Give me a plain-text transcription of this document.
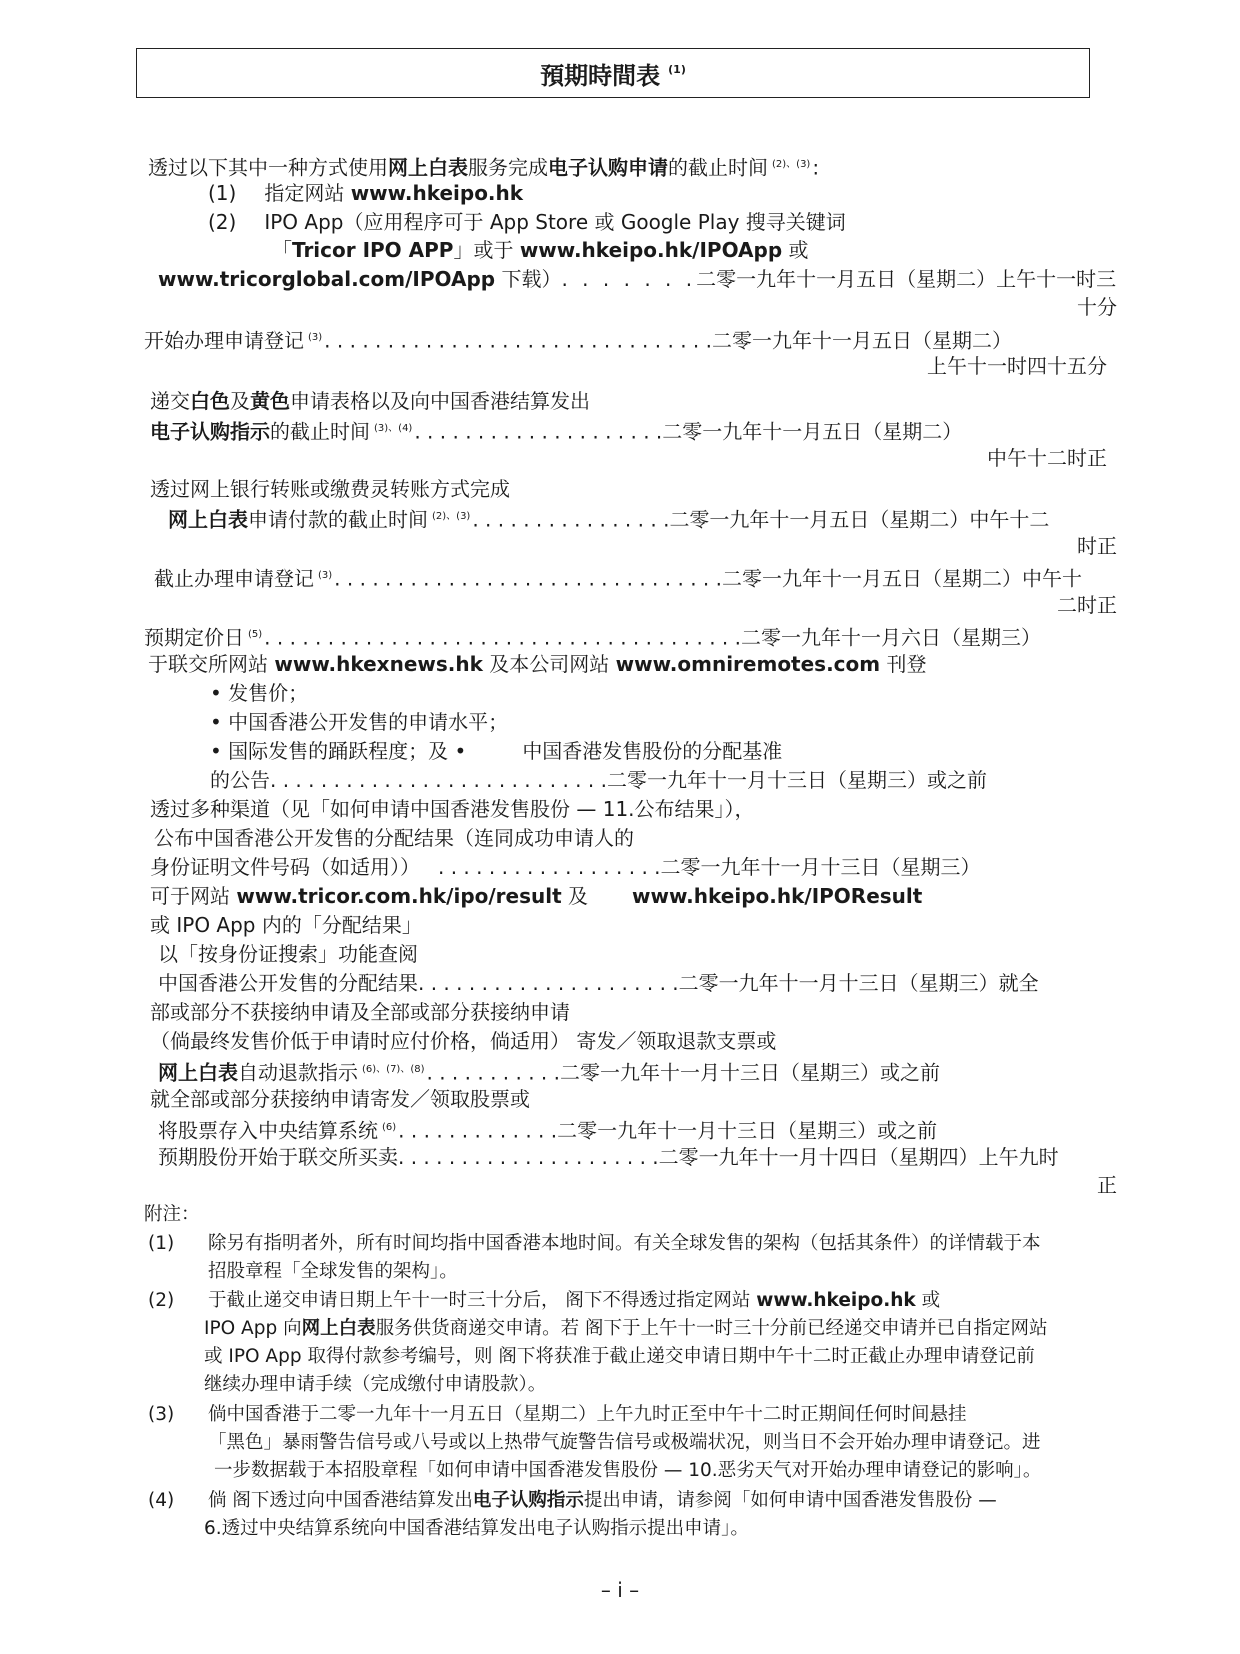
預期時間表 $^{(1)}$
透过以下其中一种方式使用网上白表服务完成电子认购申请的截止时间 $^{(2)、(3)}$ :
(1) 指定网站 www.hkeipo.hk
(2) IPO App（应用程序可于 App Store 或 Google Play 搜寻关键词
「Tricor IPO APP」或于 www.hkeipo.hk/IPOApp 或
www.tricorglobal.com/IPOApp 下载）. . . . . . .二零一九年十一月五日（星期二）上午十一时三
十分
开始办理申请登记 $^{(3)}$ . . . . . . . . . . . . . . . . . . . . . . . . . . . . . . .二零一九年十一月五日（星期二）
上午十一时四十五分
递交白色及黄色申请表格以及向中国香港结算发出
电子认购指示的截止时间 $^{(3)、(4)}$ . . . . . . . . . . . . . . . . . . . .二零一九年十一月五日（星期二）
中午十二时正
透过网上银行转账或缴费灵转账方式完成
网上白表申请付款的截止时间 $^{(2)、(3)}$ . . . . . . . . . . . . . . . .二零一九年十一月五日（星期二）中午十二
时正
截止办理申请登记 $^{(3)}$ . . . . . . . . . . . . . . . . . . . . . . . . . . . . . . .二零一九年十一月五日（星期二）中午十
二时正
预期定价日 $^{(5)}$ . . . . . . . . . . . . . . . . . . . . . . . . . . . . . . . . . . . . . .二零一九年十一月六日（星期三）
于联交所网站 www.hkexnews.hk 及本公司网站 www.omniremotes.com 刊登
• 发售价；
• 中国香港公开发售的申请水平；
• 国际发售的踊跃程度；及 •	中国香港发售股份的分配基准
的公告. . . . . . . . . . . . . . . . . . . . . . . . . . .二零一九年十一月十三日（星期三）或之前
透过多种渠道（见「如何申请中国香港发售股份 — 11.公布结果」），
公布中国香港公开发售的分配结果（连同成功申请人的
身份证明文件号码（如适用）） . . . . . . . . . . . . . . . . . .二零一九年十一月十三日（星期三）
可于网站 www.tricor.com.hk/ipo/result 及 www.hkeipo.hk/IPOResult
或 IPO App 内的「分配结果」
以「按身份证搜索」功能查阅
中国香港公开发售的分配结果. . . . . . . . . . . . . . . . . . . . .二零一九年十一月十三日（星期三）就全
部或部分不获接纳申请及全部或部分获接纳申请
（倘最终发售价低于申请时应付价格，倘适用） 寄发／领取退款支票或
网上白表自动退款指示 $^{(6)、(7)、(8)}$ . . . . . . . . . . .二零一九年十一月十三日（星期三）或之前
就全部或部分获接纳申请寄发／领取股票或
将股票存入中央结算系统 $^{(6)}$ . . . . . . . . . . . . .二零一九年十一月十三日（星期三）或之前
预期股份开始于联交所买卖. . . . . . . . . . . . . . . . . . . . .二零一九年十一月十四日（星期四）上午九时
正
附注：
(1) 除另有指明者外，所有时间均指中国香港本地时间。有关全球发售的架构（包括其条件）的详情载于本
招股章程「全球发售的架构」。
(2) 于截止递交申请日期上午十一时三十分后， 阁下不得透过指定网站 www.hkeipo.hk 或
IPO App 向网上白表服务供货商递交申请。若 阁下于上午十一时三十分前已经递交申请并已自指定网站
或 IPO App 取得付款参考编号，则 阁下将获准于截止递交申请日期中午十二时正截止办理申请登记前
继续办理申请手续（完成缴付申请股款）。
(3) 倘中国香港于二零一九年十一月五日（星期二）上午九时正至中午十二时正期间任何时间悬挂
「黑色」暴雨警告信号或八号或以上热带气旋警告信号或极端状况，则当日不会开始办理申请登记。进
一步数据载于本招股章程「如何申请中国香港发售股份 — 10.恶劣天气对开始办理申请登记的影响」。
(4) 倘 阁下透过向中国香港结算发出电子认购指示提出申请，请参阅「如何申请中国香港发售股份 —
6.透过中央结算系统向中国香港结算发出电子认购指示提出申请」。
– i –
